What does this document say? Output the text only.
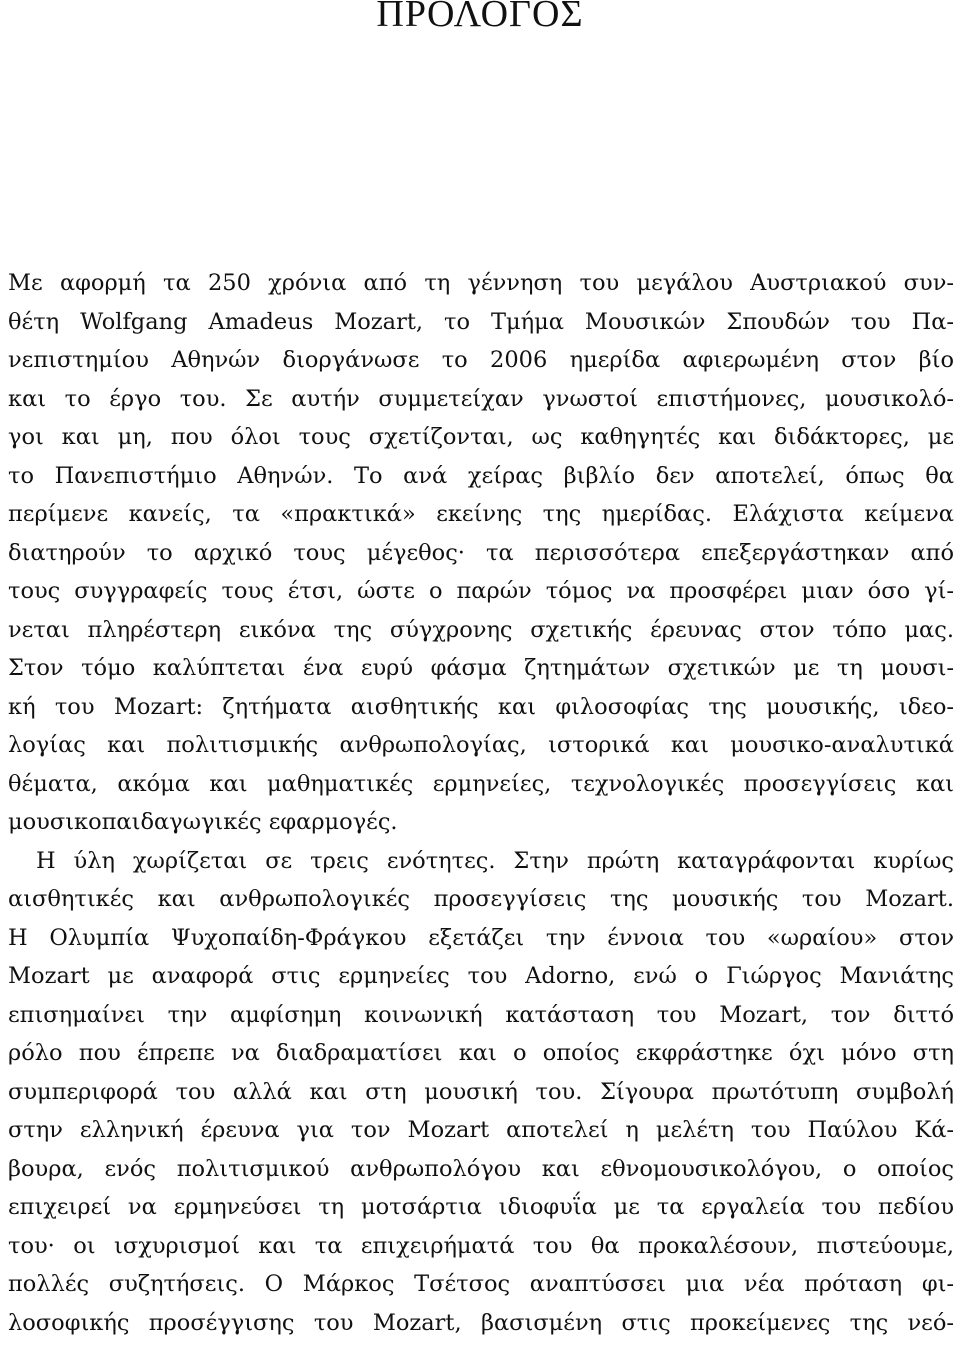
ΠΡΟΛΟΓΟΣ
Με αφορμή τα 250 χρόνια από τη γέννηση του μεγάλου Αυστριακού συν-
θέτη Wolfgang Amadeus Mozart, το Τμήμα Μουσικών Σπουδών του Πα-
νεπιστημίου Αθηνών διοργάνωσε το 2006 ημερίδα αφιερωμένη στον βίο
και το έργο του. Σε αυτήν συμμετείχαν γνωστοί επιστήμονες, μουσικολό-
γοι και μη, που όλοι τους σχετίζονται, ως καθηγητές και διδάκτορες, με
το Πανεπιστήμιο Αθηνών. Το ανά χείρας βιβλίο δεν αποτελεί, όπως θα
περίμενε κανείς, τα «πρακτικά» εκείνης της ημερίδας. Ελάχιστα κείμενα
διατηρούν το αρχικό τους μέγεθος· τα περισσότερα επεξεργάστηκαν από
τους συγγραφείς τους έτσι, ώστε ο παρών τόμος να προσφέρει μιαν όσο γί-
νεται πληρέστερη εικόνα της σύγχρονης σχετικής έρευνας στον τόπο μας.
Στον τόμο καλύπτεται ένα ευρύ φάσμα ζητημάτων σχετικών με τη μουσι-
κή του Mozart: ζητήματα αισθητικής και φιλοσοφίας της μουσικής, ιδεο-
λογίας και πολιτισμικής ανθρωπολογίας, ιστορικά και μουσικο-αναλυτικά
θέματα, ακόμα και μαθηματικές ερμηνείες, τεχνολογικές προσεγγίσεις και
μουσικοπαιδαγωγικές εφαρμογές.
Η ύλη χωρίζεται σε τρεις ενότητες. Στην πρώτη καταγράφονται κυρίως
αισθητικές και ανθρωπολογικές προσεγγίσεις της μουσικής του Mozart.
Η Ολυμπία Ψυχοπαίδη-Φράγκου εξετάζει την έννοια του «ωραίου» στον
Mozart με αναφορά στις ερμηνείες του Adorno, ενώ ο Γιώργος Μανιάτης
επισημαίνει την αμφίσημη κοινωνική κατάσταση του Mozart, τον διττό
ρόλο που έπρεπε να διαδραματίσει και ο οποίος εκφράστηκε όχι μόνο στη
συμπεριφορά του αλλά και στη μουσική του. Σίγουρα πρωτότυπη συμβολή
στην ελληνική έρευνα για τον Mozart αποτελεί η μελέτη του Παύλου Κά-
βουρα, ενός πολιτισμικού ανθρωπολόγου και εθνομουσικολόγου, ο οποίος
επιχειρεί να ερμηνεύσει τη μοτσάρτια ιδιοφυΐα με τα εργαλεία του πεδίου
του· οι ισχυρισμοί και τα επιχειρήματά του θα προκαλέσουν, πιστεύουμε,
πολλές συζητήσεις. Ο Μάρκος Τσέτσος αναπτύσσει μια νέα πρόταση φι-
λοσοφικής προσέγγισης του Mozart, βασισμένη στις προκείμενες της νεό-
